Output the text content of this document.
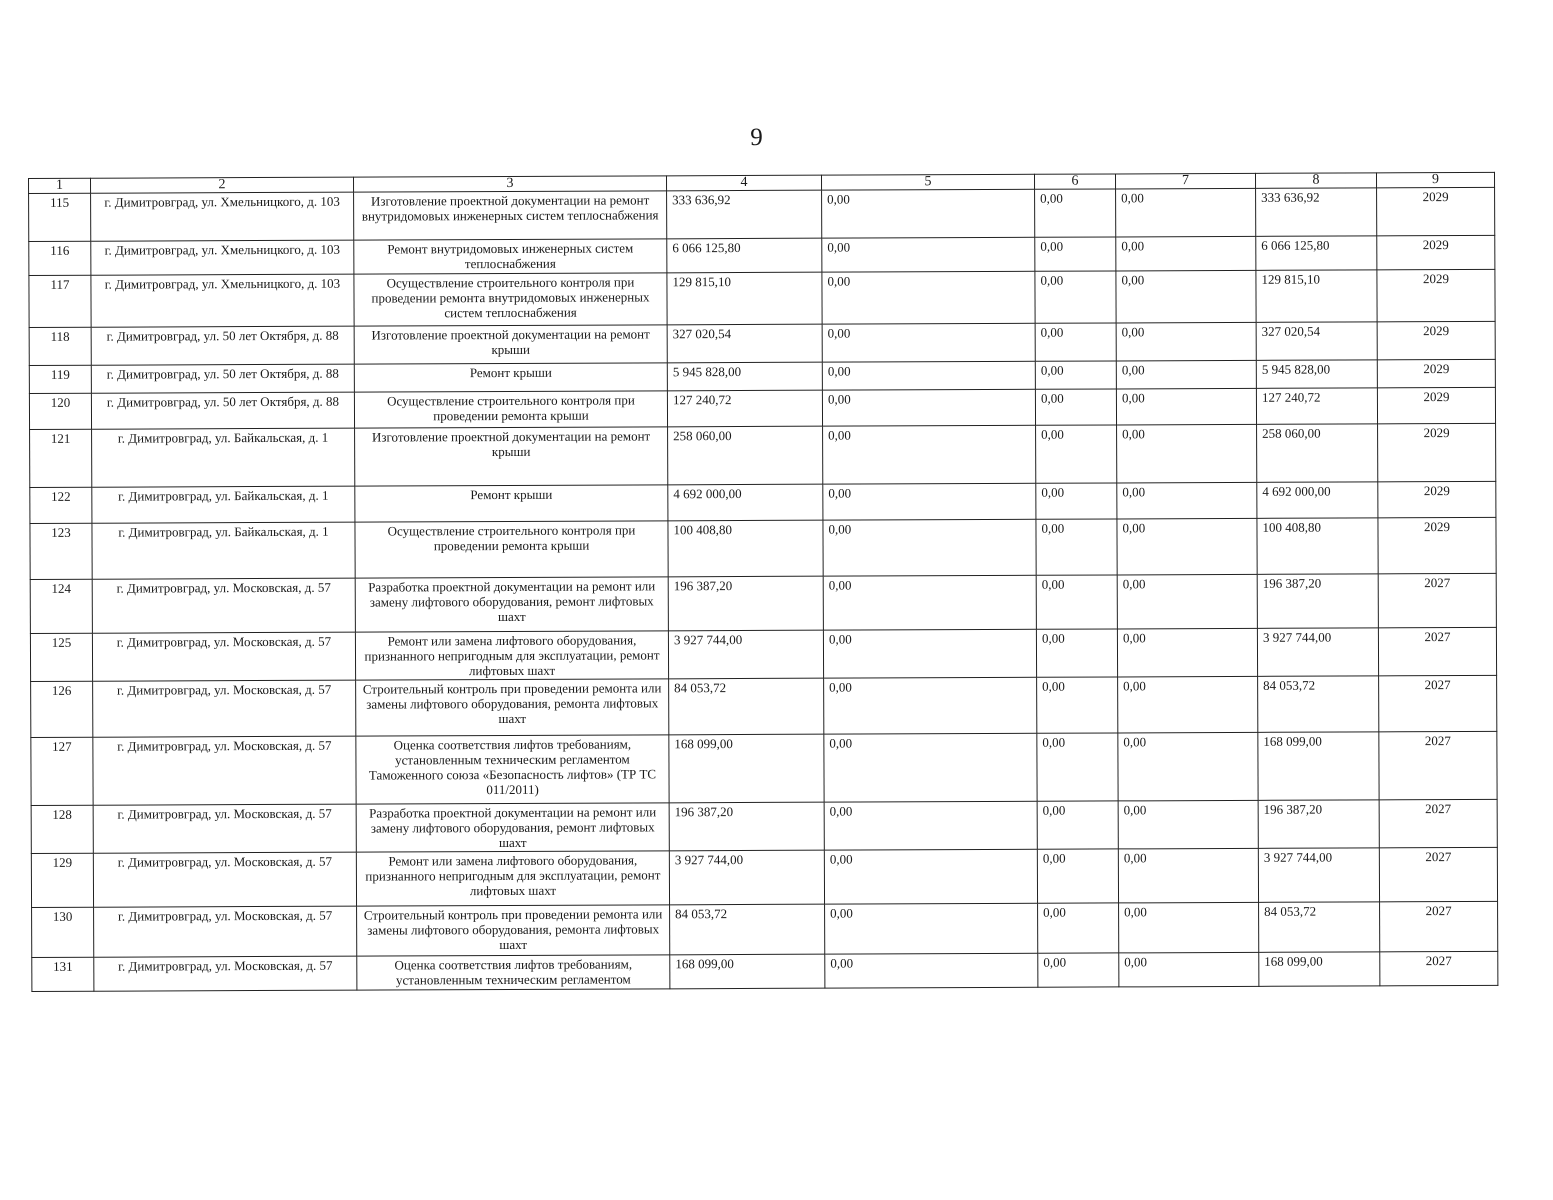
9
1	2	3	4	5	6	7	8	9
115	г. Димитровград, ул. Хмельницкого, д. 103	Изготовление проектной документации на ремонт внутридомовых инженерных систем теплоснабжения	333 636,92	0,00	0,00	0,00	333 636,92	2029
116	г. Димитровград, ул. Хмельницкого, д. 103	Ремонт внутридомовых инженерных систем теплоснабжения	6 066 125,80	0,00	0,00	0,00	6 066 125,80	2029
117	г. Димитровград, ул. Хмельницкого, д. 103	Осуществление строительного контроля при проведении ремонта внутридомовых инженерных систем теплоснабжения	129 815,10	0,00	0,00	0,00	129 815,10	2029
118	г. Димитровград, ул. 50 лет Октября, д. 88	Изготовление проектной документации на ремонт крыши	327 020,54	0,00	0,00	0,00	327 020,54	2029
119	г. Димитровград, ул. 50 лет Октября, д. 88	Ремонт крыши	5 945 828,00	0,00	0,00	0,00	5 945 828,00	2029
120	г. Димитровград, ул. 50 лет Октября, д. 88	Осуществление строительного контроля при проведении ремонта крыши	127 240,72	0,00	0,00	0,00	127 240,72	2029
121	г. Димитровград, ул. Байкальская, д. 1	Изготовление проектной документации на ремонт крыши	258 060,00	0,00	0,00	0,00	258 060,00	2029
122	г. Димитровград, ул. Байкальская, д. 1	Ремонт крыши	4 692 000,00	0,00	0,00	0,00	4 692 000,00	2029
123	г. Димитровград, ул. Байкальская, д. 1	Осуществление строительного контроля при проведении ремонта крыши	100 408,80	0,00	0,00	0,00	100 408,80	2029
124	г. Димитровград, ул. Московская, д. 57	Разработка проектной документации на ремонт или замену лифтового оборудования, ремонт лифтовых шахт	196 387,20	0,00	0,00	0,00	196 387,20	2027
125	г. Димитровград, ул. Московская, д. 57	Ремонт или замена лифтового оборудования, признанного непригодным для эксплуатации, ремонт лифтовых шахт	3 927 744,00	0,00	0,00	0,00	3 927 744,00	2027
126	г. Димитровград, ул. Московская, д. 57	Строительный контроль при проведении ремонта или замены лифтового оборудования, ремонта лифтовых шахт	84 053,72	0,00	0,00	0,00	84 053,72	2027
127	г. Димитровград, ул. Московская, д. 57	Оценка соответствия лифтов требованиям, установленным техническим регламентом Таможенного союза «Безопасность лифтов» (ТР ТС 011/2011)	168 099,00	0,00	0,00	0,00	168 099,00	2027
128	г. Димитровград, ул. Московская, д. 57	Разработка проектной документации на ремонт или замену лифтового оборудования, ремонт лифтовых шахт	196 387,20	0,00	0,00	0,00	196 387,20	2027
129	г. Димитровград, ул. Московская, д. 57	Ремонт или замена лифтового оборудования, признанного непригодным для эксплуатации, ремонт лифтовых шахт	3 927 744,00	0,00	0,00	0,00	3 927 744,00	2027
130	г. Димитровград, ул. Московская, д. 57	Строительный контроль при проведении ремонта или замены лифтового оборудования, ремонта лифтовых шахт	84 053,72	0,00	0,00	0,00	84 053,72	2027
131	г. Димитровград, ул. Московская, д. 57	Оценка соответствия лифтов требованиям, установленным техническим регламентом	168 099,00	0,00	0,00	0,00	168 099,00	2027
